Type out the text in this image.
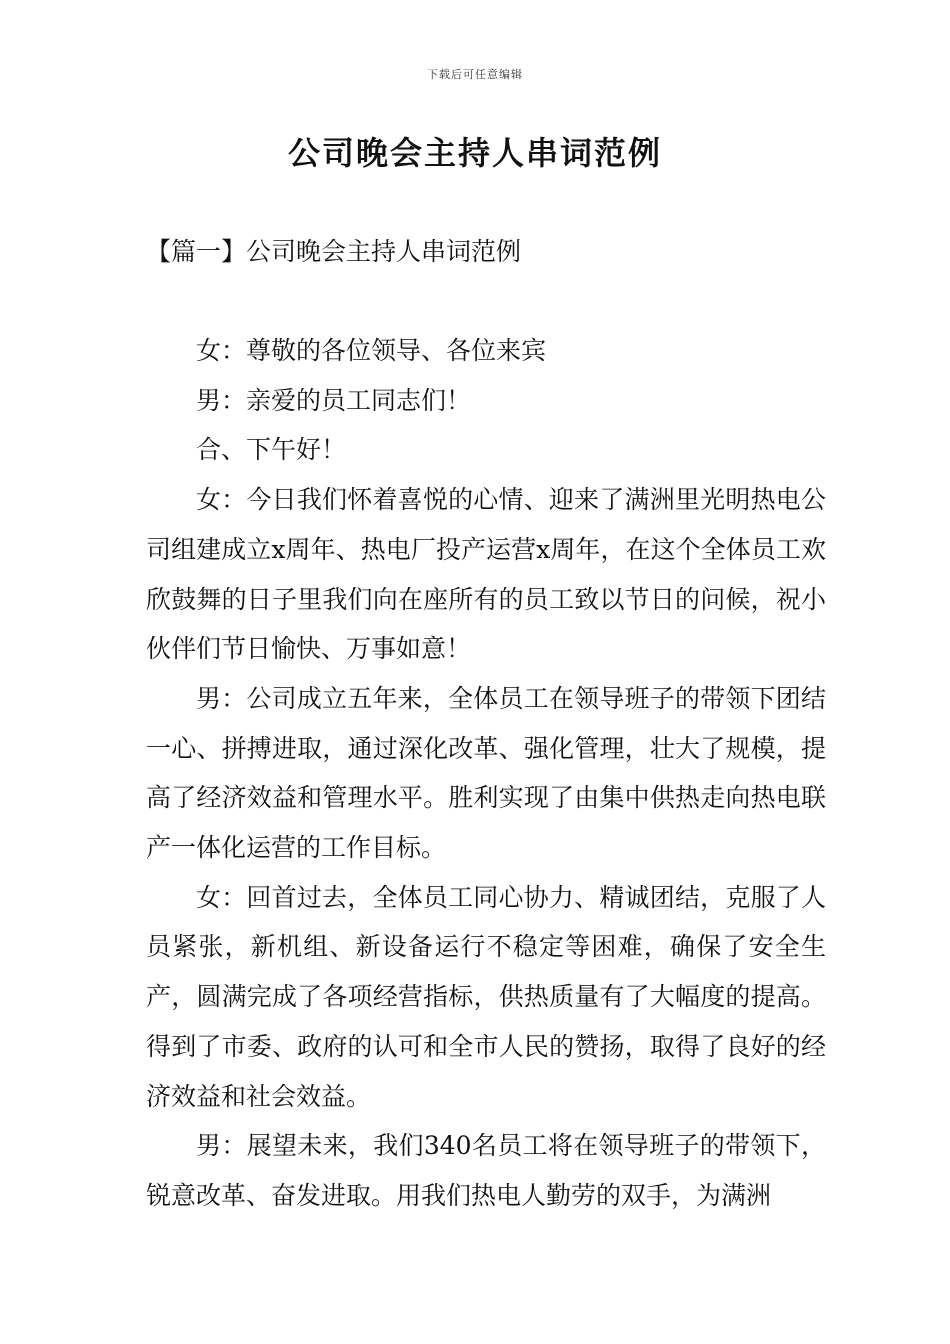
下载后可任意编辑
公司晚会主持人串词范例
【篇一】公司晚会主持人串词范例

女：尊敬的各位领导、各位来宾

男：亲爱的员工同志们！

合、下午好！

女：今日我们怀着喜悦的心情、迎来了满洲里光明热电公司组建成立x周年、热电厂投产运营x周年，在这个全体员工欢欣鼓舞的日子里我们向在座所有的员工致以节日的问候，祝小伙伴们节日愉快、万事如意！

男：公司成立五年来，全体员工在领导班子的带领下团结一心、拼搏进取，通过深化改革、强化管理，壮大了规模，提高了经济效益和管理水平。胜利实现了由集中供热走向热电联产一体化运营的工作目标。

女：回首过去，全体员工同心协力、精诚团结，克服了人员紧张，新机组、新设备运行不稳定等困难，确保了安全生产，圆满完成了各项经营指标，供热质量有了大幅度的提高。得到了市委、政府的认可和全市人民的赞扬，取得了良好的经济效益和社会效益。

男：展望未来，我们340名员工将在领导班子的带领下，锐意改革、奋发进取。用我们热电人勤劳的双手，为满洲
